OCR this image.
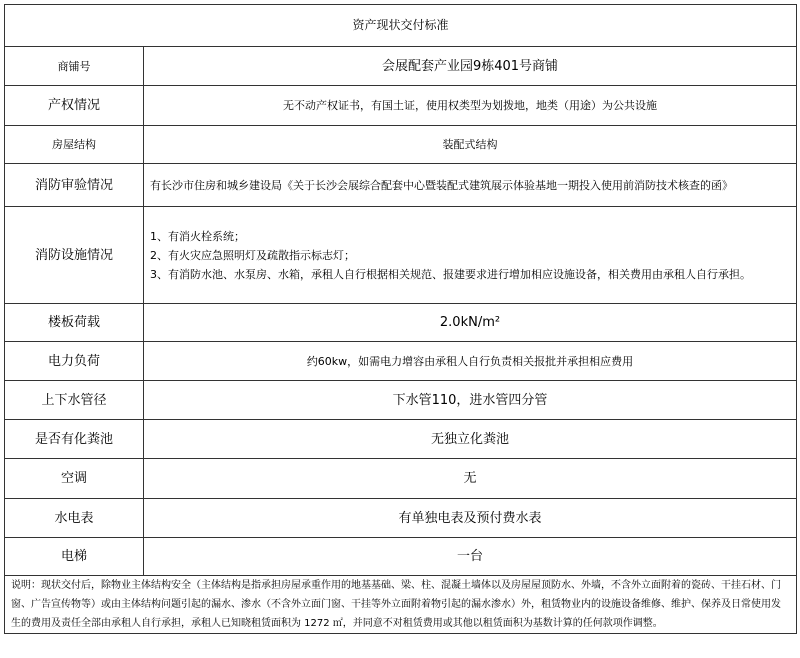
资产现状交付标准	
商铺号	会展配套产业园9栋401号商铺
产权情况	无不动产权证书，有国土证，使用权类型为划拨地，地类（用途）为公共设施
房屋结构	装配式结构
消防审验情况	有长沙市住房和城乡建设局《关于长沙会展综合配套中心暨装配式建筑展示体验基地一期投入使用前消防技术核查的函》
消防设施情况	1、有消火栓系统；
2、有火灾应急照明灯及疏散指示标志灯；
3、有消防水池、水泵房、水箱，承租人自行根据相关规范、报建要求进行增加相应设施设备，相关费用由承租人自行承担。

楼板荷载	2.0kN/m²
电力负荷	约60kw，如需电力增容由承租人自行负责相关报批并承担相应费用
上下水管径	下水管110，进水管四分管
是否有化粪池	无独立化粪池
空调	无
水电表	有单独电表及预付费水表
电梯	一台
说明：现状交付后，除物业主体结构安全（主体结构是指承担房屋承重作用的地基基础、梁、柱、混凝土墙体以及房屋屋顶防水、外墙，不含外立面附着的瓷砖、干挂石材、门窗、广告宣传物等）或由主体结构问题引起的漏水、渗水（不含外立面门窗、干挂等外立面附着物引起的漏水渗水）外，租赁物业内的设施设备维修、维护、保养及日常使用发生的费用及责任全部由承租人自行承担，承租人已知晓租赁面积为 1272 ㎡，并同意不对租赁费用或其他以租赁面积为基数计算的任何款项作调整。	
